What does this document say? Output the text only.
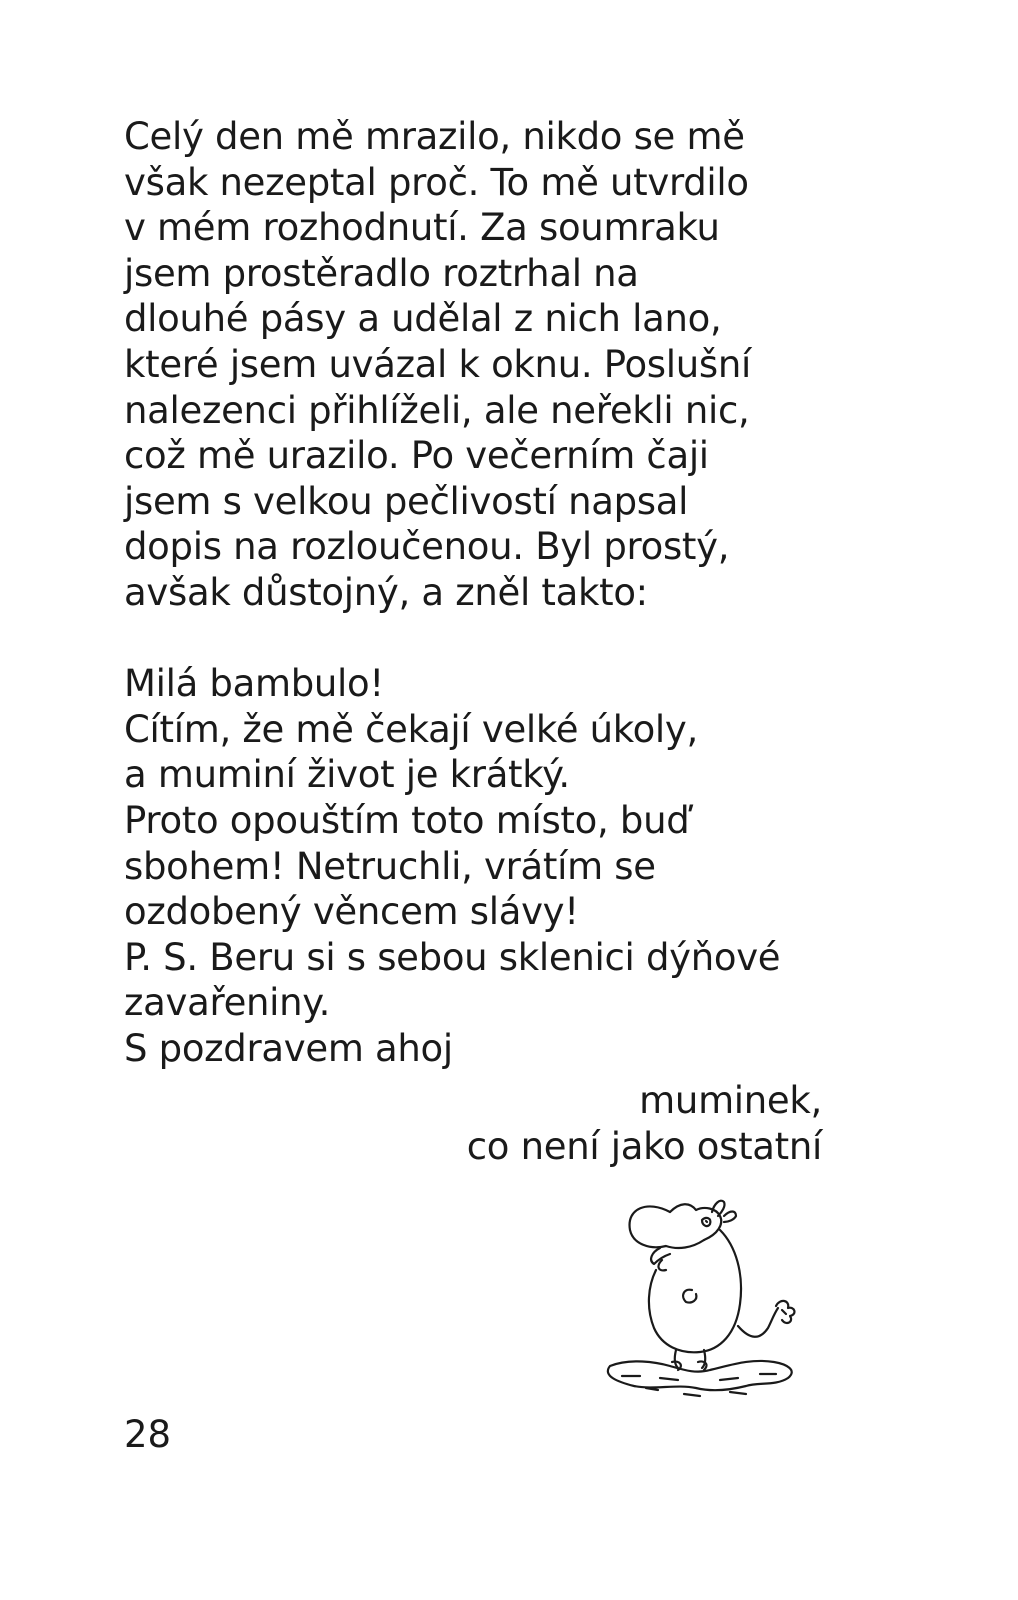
Celý den mě mrazilo, nikdo se mě
však nezeptal proč. To mě utvrdilo
v mém rozhodnutí. Za soumraku
jsem prostěradlo roztrhal na
dlouhé pásy a udělal z nich lano,
které jsem uvázal k oknu. Poslušní
nalezenci přihlíželi, ale neřekli nic,
což mě urazilo. Po večerním čaji
jsem s velkou pečlivostí napsal
dopis na rozloučenou. Byl prostý,
avšak důstojný, a zněl takto:
Milá bambulo!
Cítím, že mě čekají velké úkoly,
a muminí život je krátký.
Proto opouštím toto místo, buď
sbohem! Netruchli, vrátím se
ozdobený věncem slávy!
P. S. Beru si s sebou sklenici dýňové
zavařeniny.
S pozdravem ahoj
muminek,
co není jako ostatní
28
